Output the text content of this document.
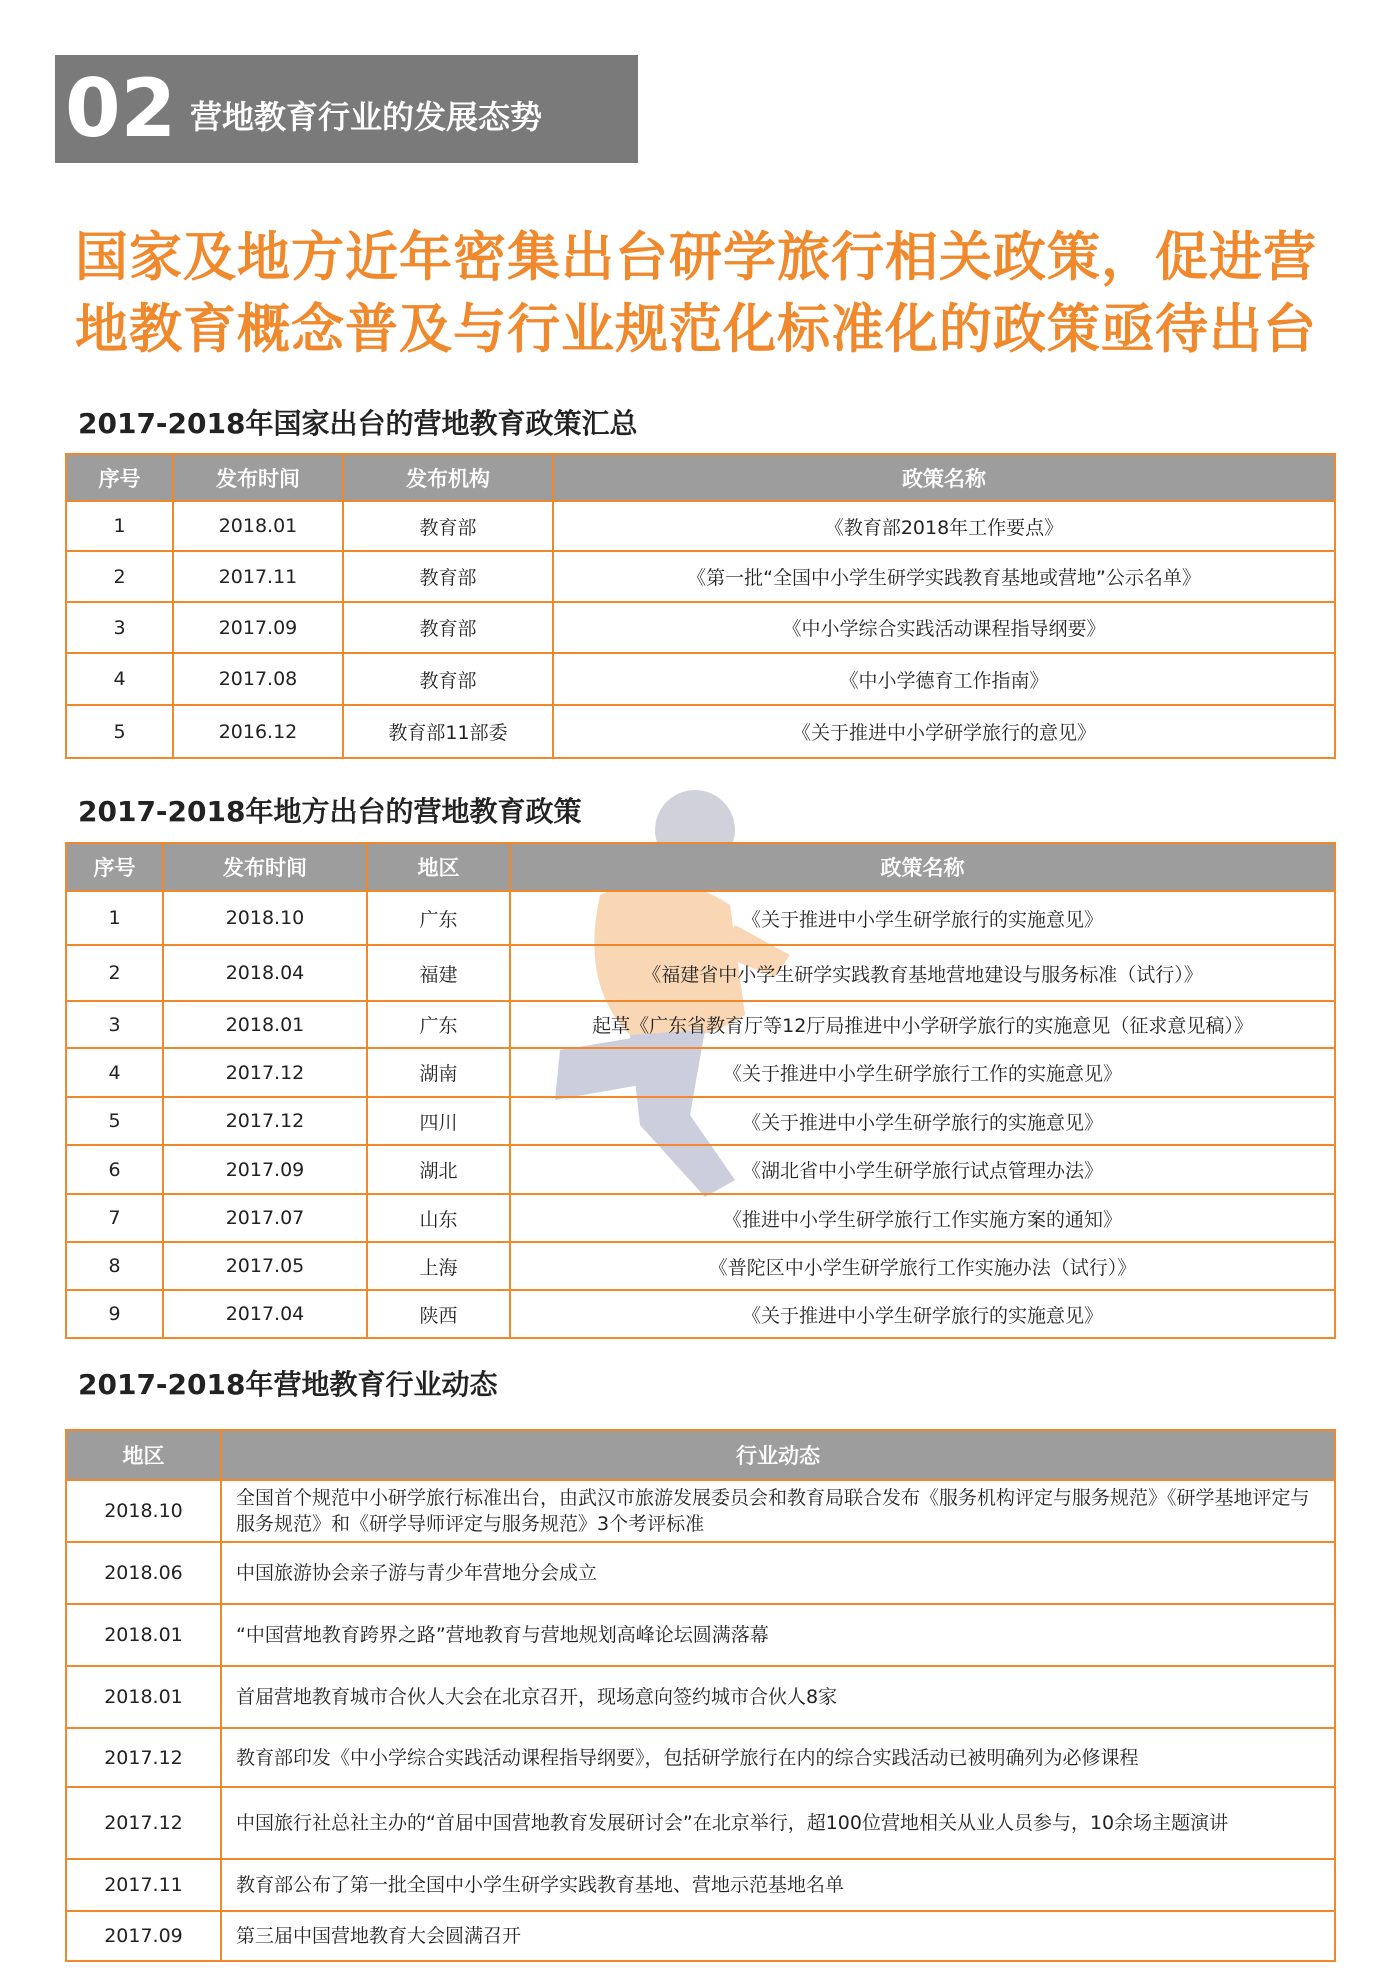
02 营地教育行业的发展态势
国家及地方近年密集出台研学旅行相关政策，促进营
地教育概念普及与行业规范化标准化的政策亟待出台
2017-2018年国家出台的营地教育政策汇总
序号	发布时间	发布机构	政策名称
1	2018.01	教育部	《教育部2018年工作要点》
2	2017.11	教育部	《第一批“全国中小学生研学实践教育基地或营地”公示名单》
3	2017.09	教育部	《中小学综合实践活动课程指导纲要》
4	2017.08	教育部	《中小学德育工作指南》
5	2016.12	教育部11部委	《关于推进中小学研学旅行的意见》
2017-2018年地方出台的营地教育政策
序号	发布时间	地区	政策名称
1	2018.10	广东	《关于推进中小学生研学旅行的实施意见》
2	2018.04	福建	《福建省中小学生研学实践教育基地营地建设与服务标准（试行）》
3	2018.01	广东	起草《广东省教育厅等12厅局推进中小学研学旅行的实施意见（征求意见稿）》
4	2017.12	湖南	《关于推进中小学生研学旅行工作的实施意见》
5	2017.12	四川	《关于推进中小学生研学旅行的实施意见》
6	2017.09	湖北	《湖北省中小学生研学旅行试点管理办法》
7	2017.07	山东	《推进中小学生研学旅行工作实施方案的通知》
8	2017.05	上海	《普陀区中小学生研学旅行工作实施办法（试行）》
9	2017.04	陕西	《关于推进中小学生研学旅行的实施意见》
2017-2018年营地教育行业动态
地区	行业动态
2018.10	全国首个规范中小研学旅行标准出台，由武汉市旅游发展委员会和教育局联合发布《服务机构评定与服务规范》《研学基地评定与服务规范》和《研学导师评定与服务规范》3个考评标准
2018.06	中国旅游协会亲子游与青少年营地分会成立
2018.01	“中国营地教育跨界之路”营地教育与营地规划高峰论坛圆满落幕
2018.01	首届营地教育城市合伙人大会在北京召开，现场意向签约城市合伙人8家
2017.12	教育部印发《中小学综合实践活动课程指导纲要》，包括研学旅行在内的综合实践活动已被明确列为必修课程
2017.12	中国旅行社总社主办的“首届中国营地教育发展研讨会”在北京举行，超100位营地相关从业人员参与，10余场主题演讲
2017.11	教育部公布了第一批全国中小学生研学实践教育基地、营地示范基地名单
2017.09	第三届中国营地教育大会圆满召开
